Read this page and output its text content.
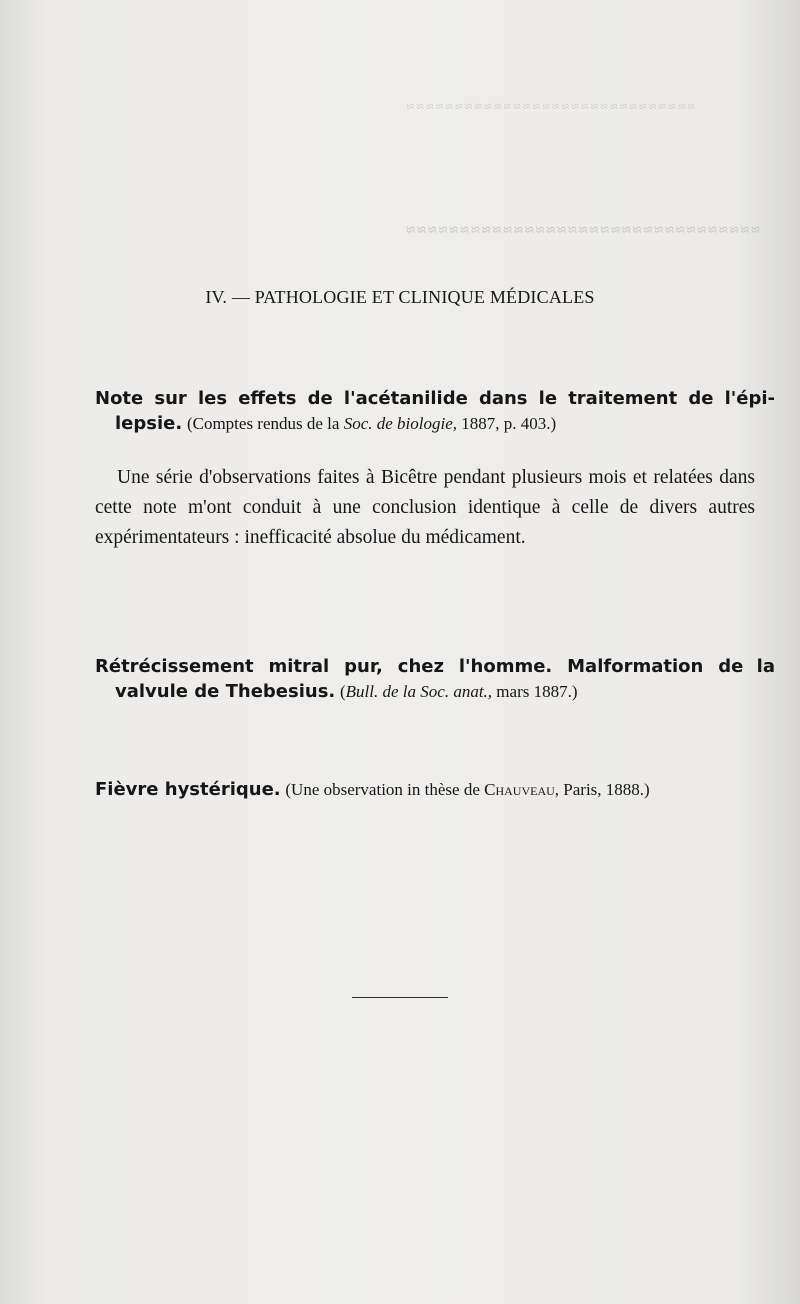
≈≈≈≈≈≈≈≈≈≈≈≈≈≈≈≈≈≈≈≈≈≈≈≈≈≈≈≈≈≈
≈≈≈≈≈≈≈≈≈≈≈≈≈≈≈≈≈≈≈≈≈≈≈≈≈≈≈≈≈≈≈≈≈
IV. — PATHOLOGIE ET CLINIQUE MÉDICALES
Note sur les effets de l'acétanilide dans le traitement de l'épi- lepsie. (Comptes rendus de la Soc. de biologie, 1887, p. 403.)
Une série d'observations faites à Bicêtre pendant plusieurs mois et relatées dans cette note m'ont conduit à une conclusion identique à celle de divers autres expérimentateurs : inefficacité absolue du médicament.
Rétrécissement mitral pur, chez l'homme. Malformation de la valvule de Thebesius. (Bull. de la Soc. anat., mars 1887.)
Fièvre hystérique. (Une observation in thèse de Chauveau, Paris, 1888.)
